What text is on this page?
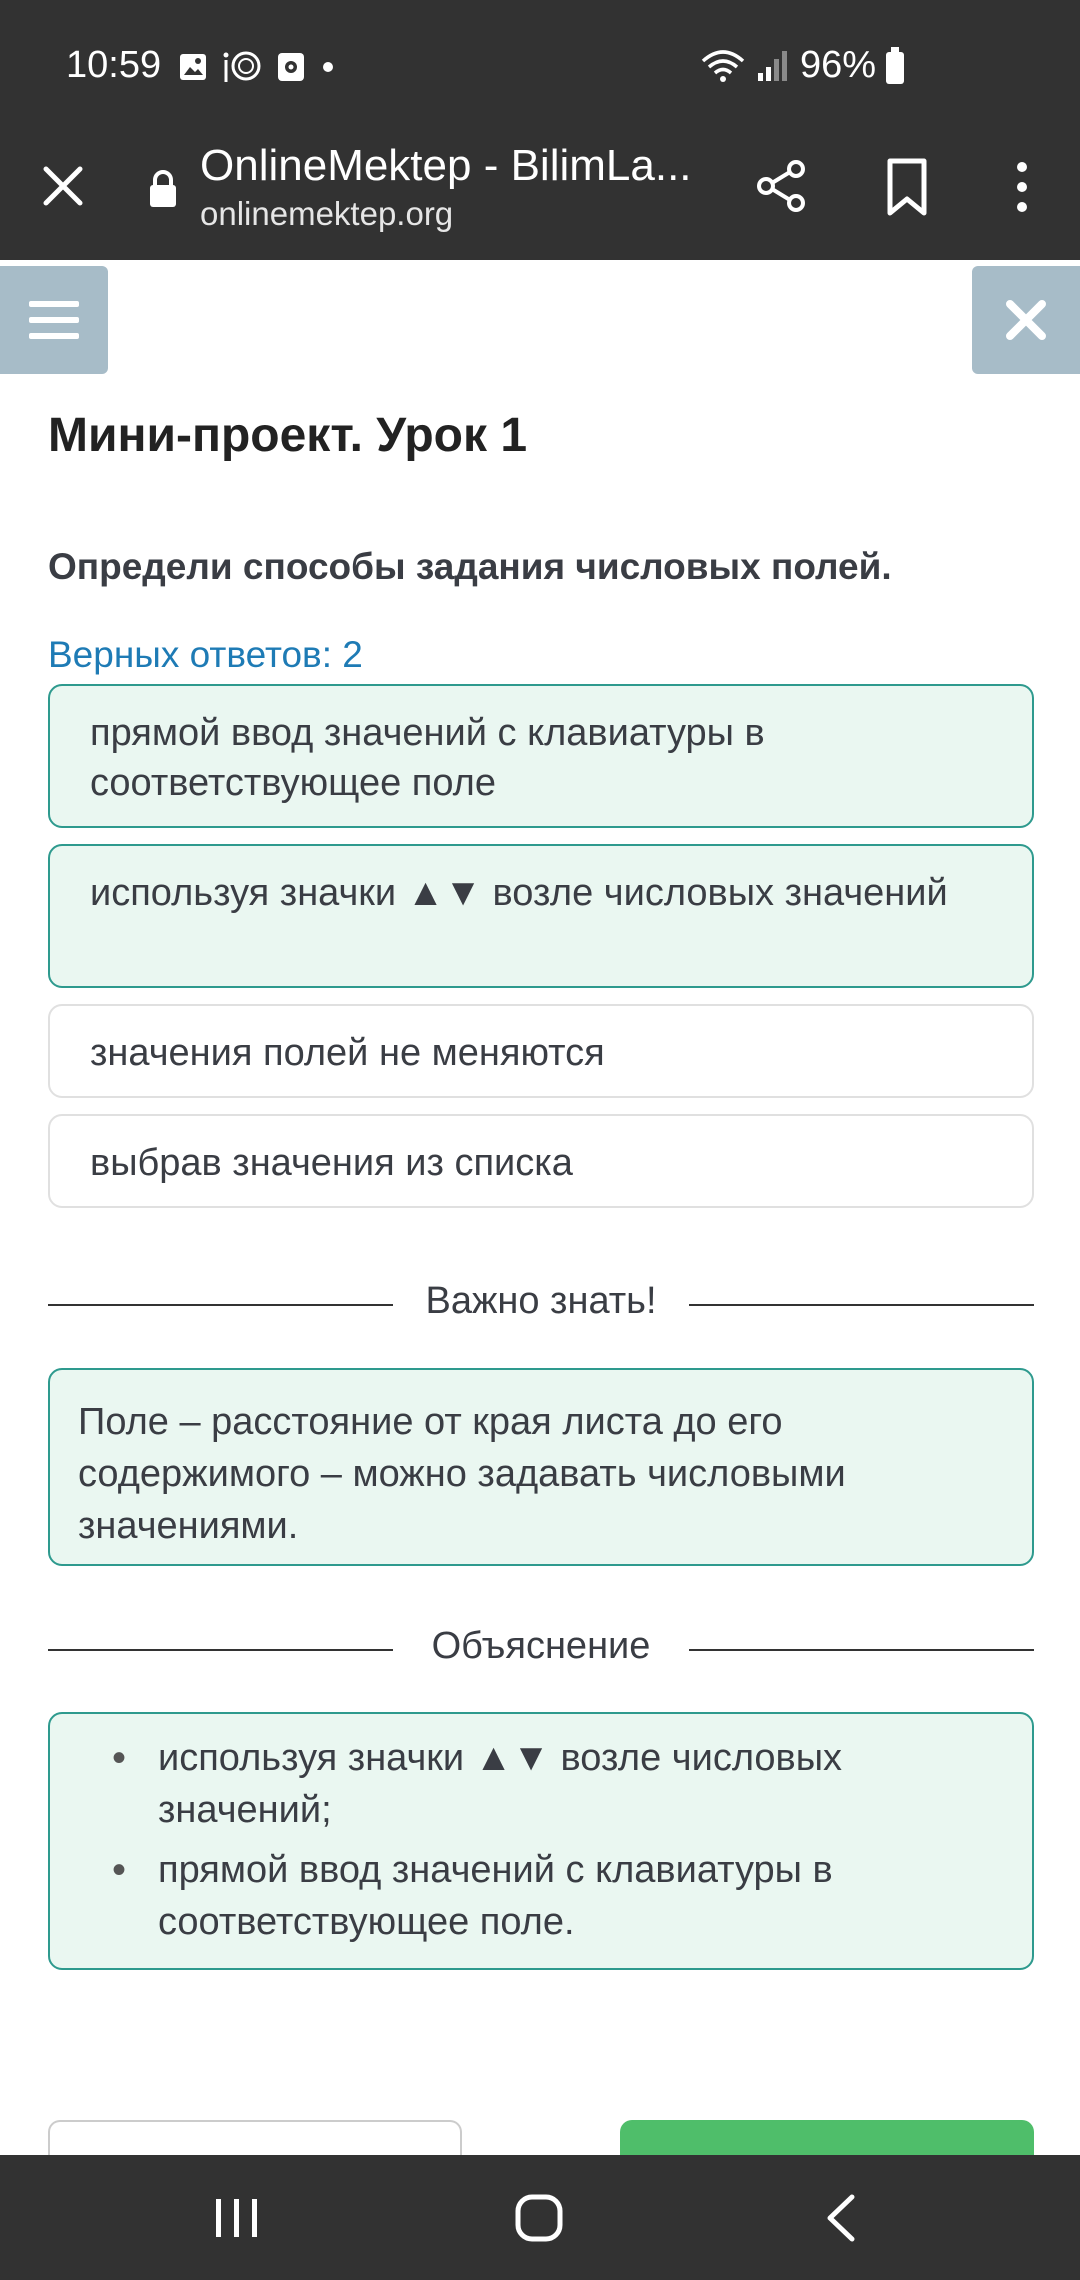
10:59	96%
OnlineMektep - BilimLa...
onlinemektep.org
Мини-проект. Урок 1
Определи способы задания числовых полей.
Верных ответов: 2
прямой ввод значений с клавиатуры в соответствующее поле
используя значки ▲▼ возле числовых значений
значения полей не меняются
выбрав значения из списка
Важно знать!
Поле – расстояние от края листа до его содержимого – можно задавать числовыми значениями.
Объяснение
• используя значки ▲▼ возле числовых значений;
• прямой ввод значений с клавиатуры в соответствующее поле.
